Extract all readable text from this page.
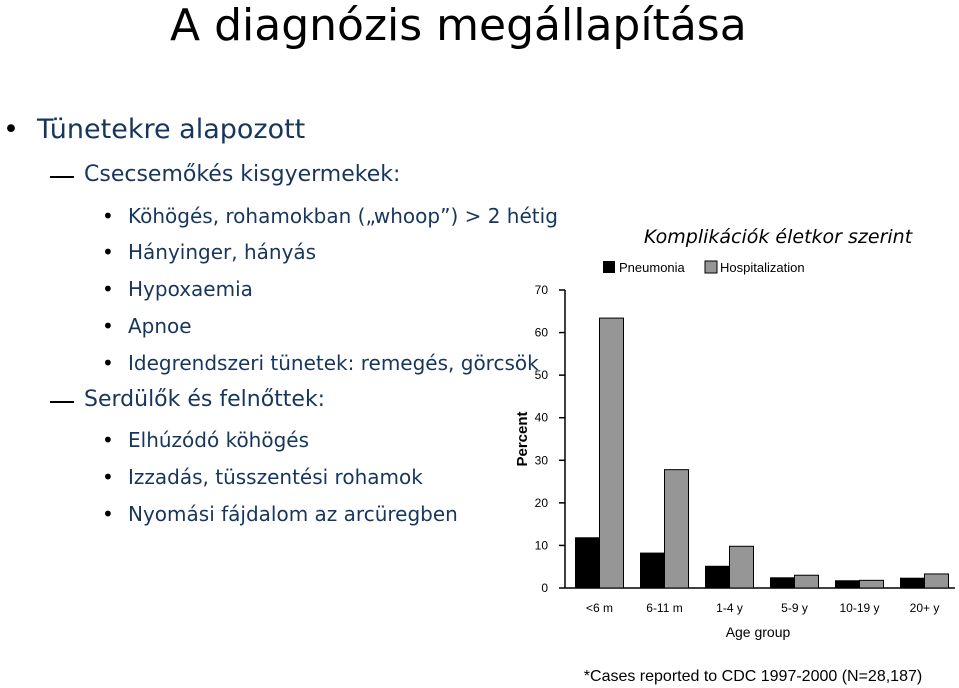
A diagnózis megállapítása
• Tünetekre alapozott
Csecsemőkés kisgyermekek:
• Köhögés, rohamokban („whoop”) > 2 hétig
• Hányinger, hányás
• Hypoxaemia
• Apnoe
• Idegrendszeri tünetek: remegés, görcsök
Serdülők és felnőttek:
• Elhúzódó köhögés
• Izzadás, tüsszentési rohamok
• Nyomási fájdalom az arcüregben
Komplikációk életkor szerint
Pneumonia	Hospitalization
0
10
20
30
40
50
60
70
<6 m	6-11 m	1-4 y	5-9 y	10-19 y	20+ y
Percent
Age group
*Cases reported to CDC 1997-2000 (N=28,187)
